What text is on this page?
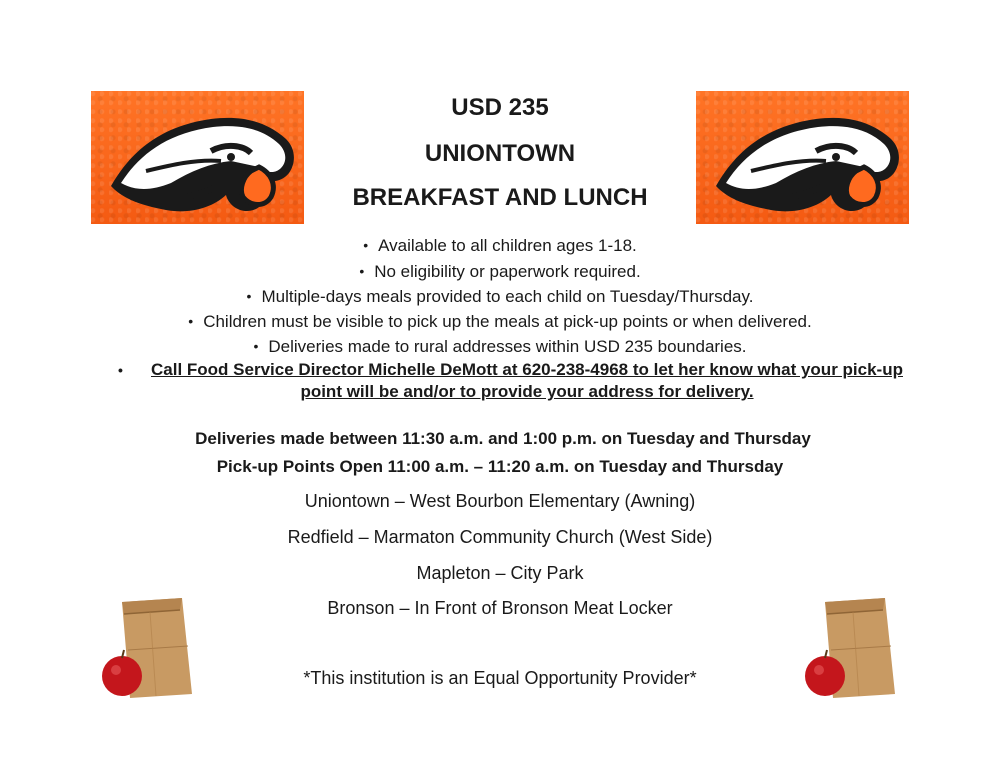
USD 235
UNIONTOWN
BREAKFAST AND LUNCH
• Available to all children ages 1-18.
• No eligibility or paperwork required.
• Multiple-days meals provided to each child on Tuesday/Thursday.
• Children must be visible to pick up the meals at pick-up points or when delivered.
• Deliveries made to rural addresses within USD 235 boundaries.
•	Call Food Service Director Michelle DeMott at 620-238-4968 to let her know what your pick-up point will be and/or to provide your address for delivery.
Deliveries made between 11:30 a.m. and 1:00 p.m. on Tuesday and Thursday
Pick-up Points Open 11:00 a.m. – 11:20 a.m. on Tuesday and Thursday
Uniontown – West Bourbon Elementary (Awning)
Redfield – Marmaton Community Church (West Side)
Mapleton – City Park
Bronson – In Front of Bronson Meat Locker
*This institution is an Equal Opportunity Provider*
